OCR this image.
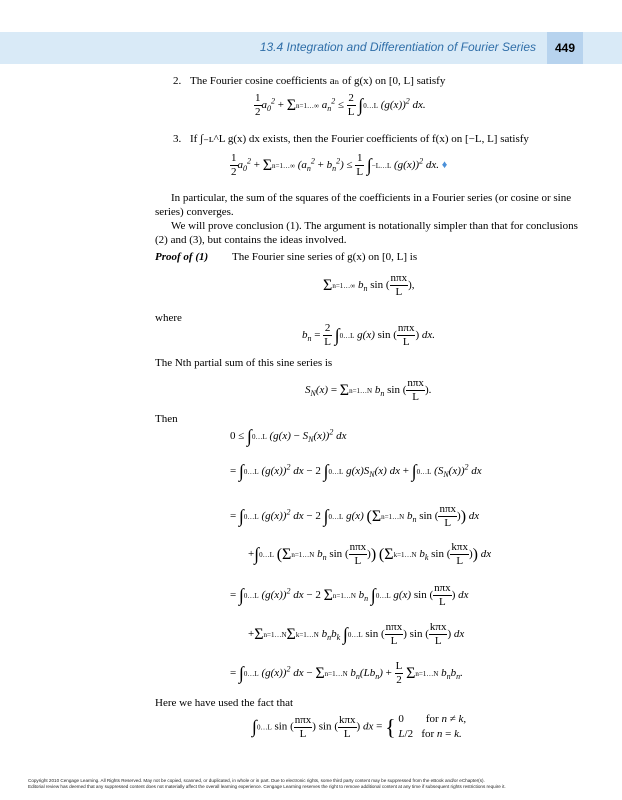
13.4 Integration and Differentiation of Fourier Series	449
2. The Fourier cosine coefficients aₙ of g(x) on [0, L] satisfy
$\frac{1}{2} a_0^2$ + Σn=1…∞ $a_n^2 \le \frac{2}{L}$ ∫0…L $(g(x))^2$ dx.
3. If ∫₋ʟ^L g(x) dx exists, then the Fourier coefficients of f(x) on [−L, L] satisfy
$\frac{1}{2} a_0^2$ + Σn=1…∞ $(a_n^2 + b_n^2) \le \frac{1}{L}$ ∫−L…L $(g(x))^2$ dx. ♦
In particular, the sum of the squares of the coefficients in a Fourier series (or cosine or sine series) converges.
We will prove conclusion (1). The argument is notationally simpler than that for conclusions (2) and (3), but contains the ideas involved.
Proof of (1) The Fourier sine series of g(x) on [0, L] is
Σn=1…∞ $b_n$ sin ( $\frac{\text{nπx}}{L}$ ),
where
$b_n = \frac{2}{L}$ ∫0…L g(x) sin ( $\frac{\text{nπx}}{L}$ ) dx.
The Nth partial sum of this sine series is
$S_N(x)$ = Σn=1…N $b_n$ sin ( $\frac{\text{nπx}}{L}$ ).
Then
0 ≤ ∫0…L $(g(x) - S_N(x))^2$ dx
= ∫0…L $(g(x))^2$ dx − 2 ∫0…L $g(x)S_N(x)$ dx + ∫0…L $(S_N(x))^2$ dx
= ∫0…L $(g(x))^2$ dx − 2 ∫0…L g(x) (Σn=1…N $b_n$ sin ( $\frac{\text{nπx}}{L}$ )) dx
+∫0…L (Σn=1…N $b_n$ sin ( $\frac{\text{nπx}}{L}$ )) (Σk=1…N $b_k$ sin ( $\frac{\text{kπx}}{L}$ )) dx
= ∫0…L $(g(x))^2$ dx − 2 Σn=1…N $b_n$ ∫0…L g(x) sin ( $\frac{\text{nπx}}{L}$ ) dx
+Σn=1…NΣk=1…N $b_nb_k$ ∫0…L sin ( $\frac{\text{nπx}}{L}$ ) sin ( $\frac{\text{kπx}}{L}$ ) dx
= ∫0…L $(g(x))^2$ dx − Σn=1…N $b_n(Lb_n) + \frac{L}{2}$ Σn=1…N $b_nb_n$.
Here we have used the fact that
∫0…L sin ( $\frac{\text{nπx}}{L}$ ) sin ( $\frac{\text{kπx}}{L}$ ) dx = { 0 for n ≠ k,
L/2 for n = k.
Copyright 2010 Cengage Learning. All Rights Reserved. May not be copied, scanned, or duplicated, in whole or in part. Due to electronic rights, some third party content may be suppressed from the eBook and/or eChapter(s).
Editorial review has deemed that any suppressed content does not materially affect the overall learning experience. Cengage Learning reserves the right to remove additional content at any time if subsequent rights restrictions require it.
